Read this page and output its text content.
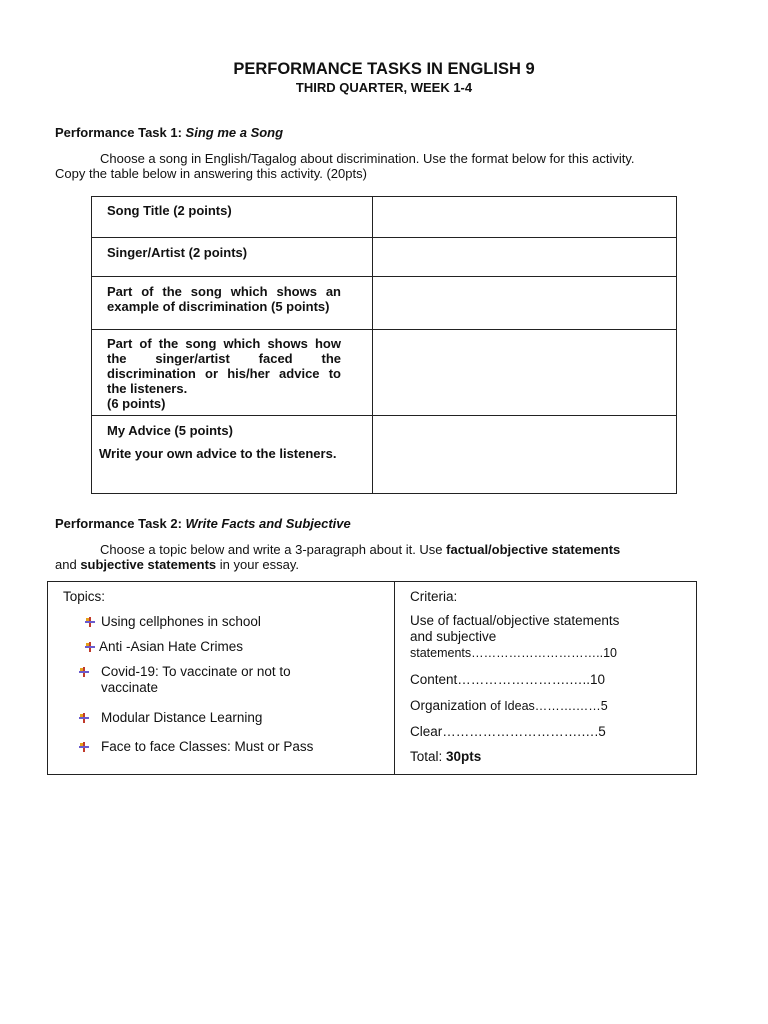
PERFORMANCE TASKS IN ENGLISH 9
THIRD QUARTER, WEEK 1-4
Performance Task 1: Sing me a Song
Choose a song in English/Tagalog about discrimination. Use the format below for this activity.
Copy the table below in answering this activity. (20pts)
Song Title (2 points)	

Singer/Artist (2 points)	

Part of the song which shows an example of discrimination (5 points)	

Part of the song which shows how the singer/artist faced the discrimination or his/her advice to the listeners.
(6 points)	

My Advice (5 points)
Write your own advice to the listeners.	

Performance Task 2: Write Facts and Subjective
Choose a topic below and write a 3-paragraph about it. Use factual/objective statements
and subjective statements in your essay.
Topics:
Using cellphones in school
Anti -Asian Hate Crimes
Covid-19: To vaccinate or not to vaccinate
Modular Distance Learning
Face to face Classes: Must or Pass

Criteria:
Use of factual/objective statements
and subjective
statements…………………………..10
Content…………………….…..10
Organization of Ideas……….……5
Clear………………………….….5
Total: 30pts
